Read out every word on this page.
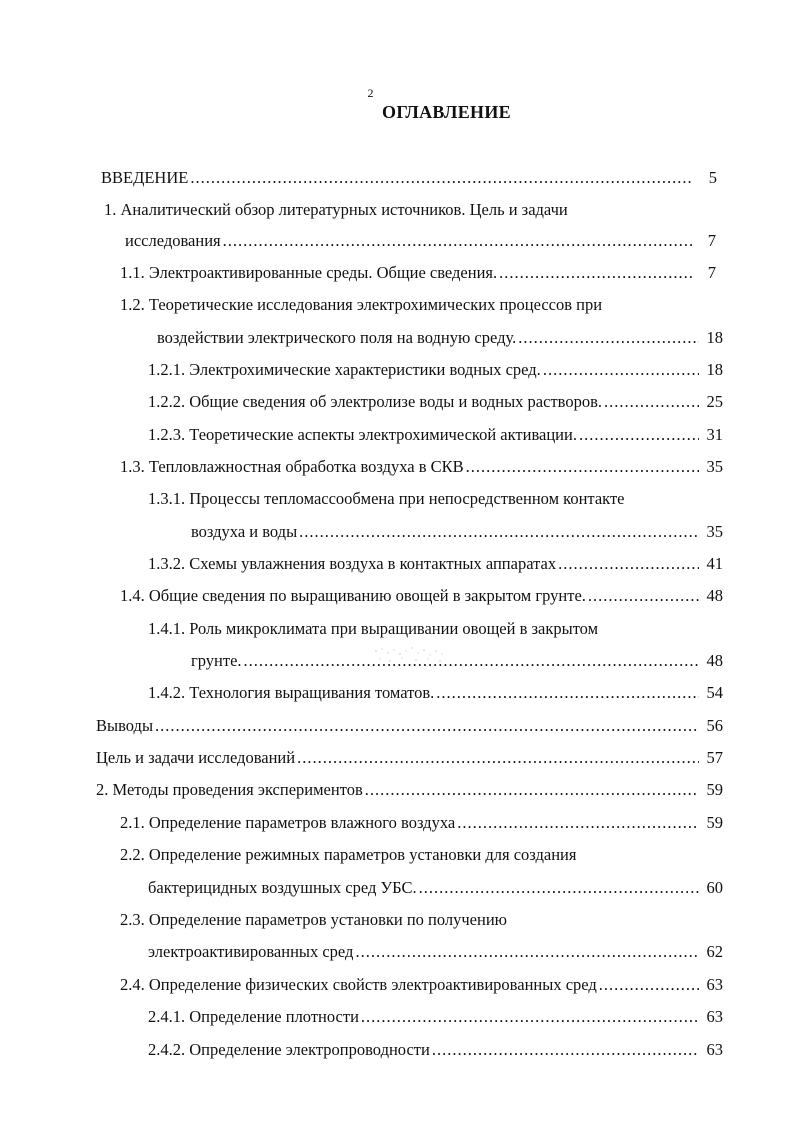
2
ОГЛАВЛЕНИЕ
ВВЕДЕНИЕ .....	5
1. Аналитический обзор литературных источников. Цель и задачи
исследования .....	7
1.1. Электроактивированные среды. Общие сведения. .....	7
1.2. Теоретические исследования электрохимических процессов при
воздействии электрического поля на водную среду. .....	18
1.2.1. Электрохимические характеристики водных сред. .....	18
1.2.2. Общие сведения об электролизе воды и водных растворов. .....	25
1.2.3. Теоретические аспекты электрохимической активации. .....	31
1.3. Тепловлажностная обработка воздуха в СКВ .....	35
1.3.1. Процессы тепломассообмена при непосредственном контакте
воздуха и воды .....	35
1.3.2. Схемы увлажнения воздуха в контактных аппаратах .....	41
1.4. Общие сведения по выращиванию овощей в закрытом грунте. .....	48
1.4.1. Роль микроклимата при выращивании овощей в закрытом
грунте. .....	48
1.4.2. Технология выращивания томатов. .....	54
Выводы .....	56
Цель и задачи исследований .....	57
2. Методы проведения экспериментов .....	59
2.1. Определение параметров влажного воздуха .....	59
2.2. Определение режимных параметров установки для создания
бактерицидных воздушных сред УБС. .....	60
2.3. Определение параметров установки по получению
электроактивированных сред .....	62
2.4. Определение физических свойств электроактивированных сред .....	63
2.4.1. Определение плотности .....	63
2.4.2. Определение электропроводности .....	63
